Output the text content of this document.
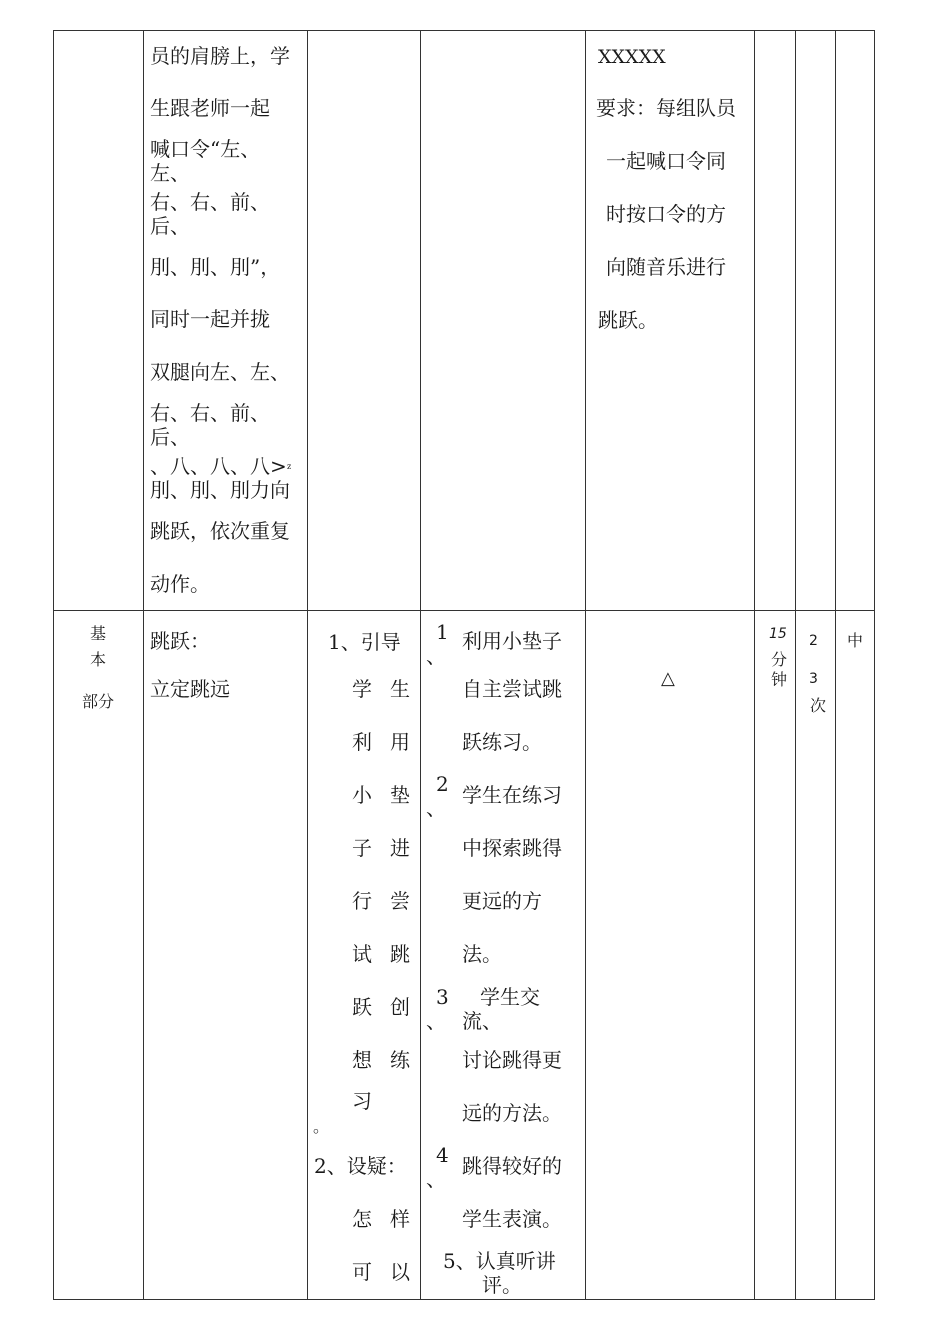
员的肩膀上，学
生跟老师一起
喊口令“左、
左、
右、右、前、
后、
刖、刖、刖”，
同时一起并拢
双腿向左、左、
右、右、前、
后、
、八、八、八> z
刖、刖、刖力向
跳跃，依次重复
动作。
XXXXX
要求：每组队员
一起喊口令同
时按口令的方
向随音乐进行
跳跃。
基
本
部分
跳跃：
立定跳远
1、引导
学 生
利 用
小 垫
子 进
行 尝
试 跳
跃 创
想 练
习
。
2、设疑：
怎 样
可 以
1
、
利用小垫子
自主尝试跳
跃练习。
2
、
学生在练习
中探索跳得
更远的方
法。
3
、
学生交
流、
讨论跳得更
远的方法。
4
、
跳得较好的
学生表演。
5、认真听讲
评。
△
15
分
钟
2
3
次
中
